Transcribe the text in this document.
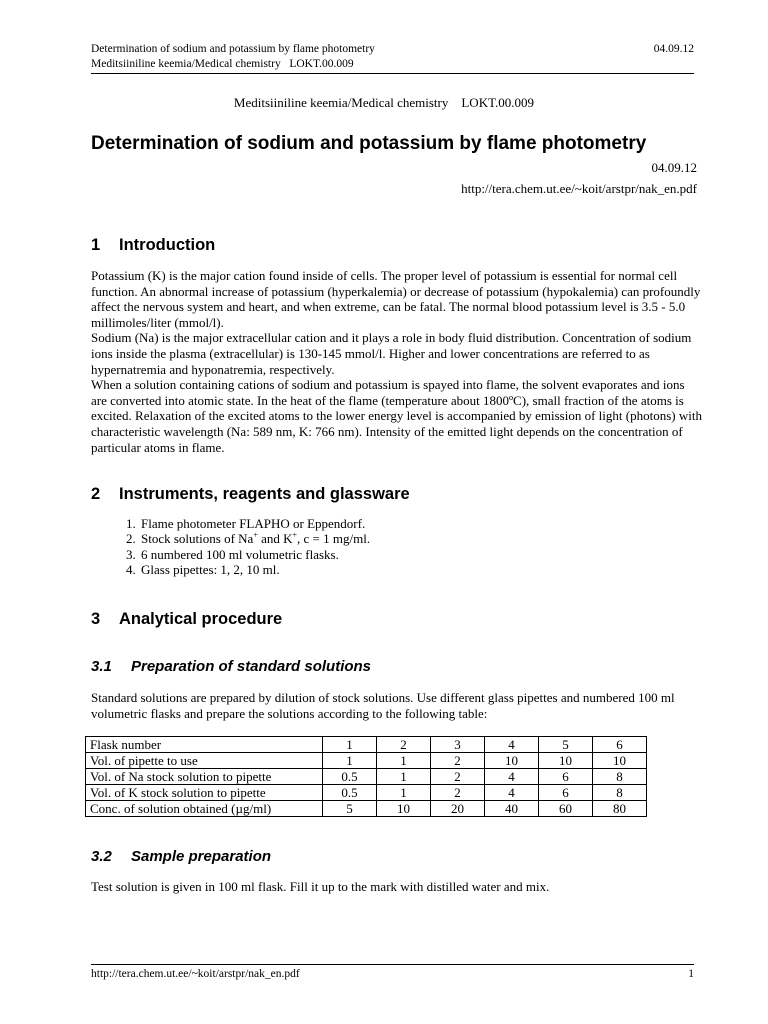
Determination of sodium and potassium by flame photometry	04.09.12
Meditsiiniline keemia/Medical chemistry   LOKT.00.009
Meditsiiniline keemia/Medical chemistry    LOKT.00.009
Determination of sodium and potassium by flame photometry
04.09.12
http://tera.chem.ut.ee/~koit/arstpr/nak_en.pdf
1 Introduction

Potassium (K) is the major cation found inside of cells. The proper level of potassium is essential for normal cell function. An abnormal increase of potassium (hyperkalemia) or decrease of potassium (hypokalemia) can profoundly affect the nervous system and heart, and when extreme, can be fatal. The normal blood potassium level is 3.5 - 5.0 millimoles/liter (mmol/l).

Sodium (Na) is the major extracellular cation and it plays a role in body fluid distribution. Concentration of sodium ions inside the plasma (extracellular) is 130-145 mmol/l. Higher and lower concentrations are referred to as hypernatremia and hyponatremia, respectively.

When a solution containing cations of sodium and potassium is spayed into flame, the solvent evaporates and ions are converted into atomic state. In the heat of the flame (temperature about 1800ºC), small fraction of the atoms is excited. Relaxation of the excited atoms to the lower energy level is accompanied by emission of light (photons) with characteristic wavelength (Na: 589 nm, K: 766 nm). Intensity of the emitted light depends on the concentration of particular atoms in flame.

2 Instruments, reagents and glassware
1. Flame photometer FLAPHO or Eppendorf.
2. Stock solutions of Na+ and K+, c = 1 mg/ml.
3. 6 numbered 100 ml volumetric flasks.
4. Glass pipettes: 1, 2, 10 ml.
3 Analytical procedure
3.1 Preparation of standard solutions

Standard solutions are prepared by dilution of stock solutions. Use different glass pipettes and numbered 100 ml volumetric flasks and prepare the solutions according to the following table:

Flask number	1	2	3	4	5	6
Vol. of pipette to use	1	1	2	10	10	10
Vol. of Na stock solution to pipette	0.5	1	2	4	6	8
Vol. of K stock solution to pipette	0.5	1	2	4	6	8
Conc. of solution obtained (µg/ml)	5	10	20	40	60	80
3.2 Sample preparation

Test solution is given in 100 ml flask. Fill it up to the mark with distilled water and mix.

http://tera.chem.ut.ee/~koit/arstpr/nak_en.pdf	1
